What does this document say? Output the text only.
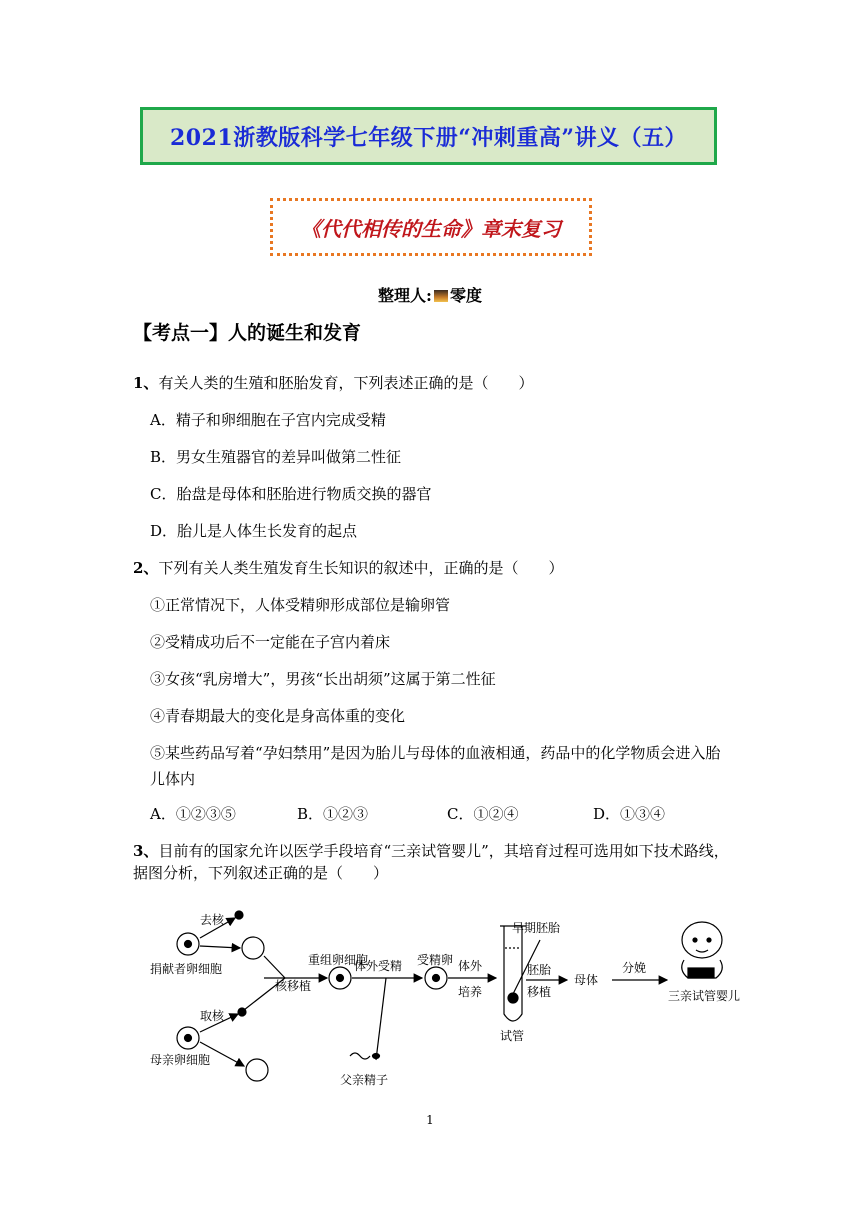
2021浙教版科学七年级下册“冲刺重高”讲义（五）
《代代相传的生命》章末复习
整理人: 零度
【考点一】人的诞生和发育
1、有关人类的生殖和胚胎发育，下列表述正确的是（　　）
A．精子和卵细胞在子宫内完成受精
B．男女生殖器官的差异叫做第二性征
C．胎盘是母体和胚胎进行物质交换的器官
D．胎儿是人体生长发育的起点
2、下列有关人类生殖发育生长知识的叙述中，正确的是（　　）
①正常情况下，人体受精卵形成部位是输卵管
②受精成功后不一定能在子宫内着床
③女孩“乳房增大”，男孩“长出胡须”这属于第二性征
④青春期最大的变化是身高体重的变化
⑤某些药品写着“孕妇禁用”是因为胎儿与母体的血液相通，药品中的化学物质会进入胎
儿体内
A．①②③⑤	B．①②③	C．①②④	D．①③④
3、目前有的国家允许以医学手段培育“三亲试管婴儿”，其培育过程可选用如下技术路线，
据图分析，下列叙述正确的是（　　）
去核
捐献者卵细胞
核移植
重组卵细胞
体外受精 受精卵 体外
培养
早期胚胎
胚胎
移植
试管
母体
分娩
三亲试管婴儿
取核
母亲卵细胞
父亲精子
1
